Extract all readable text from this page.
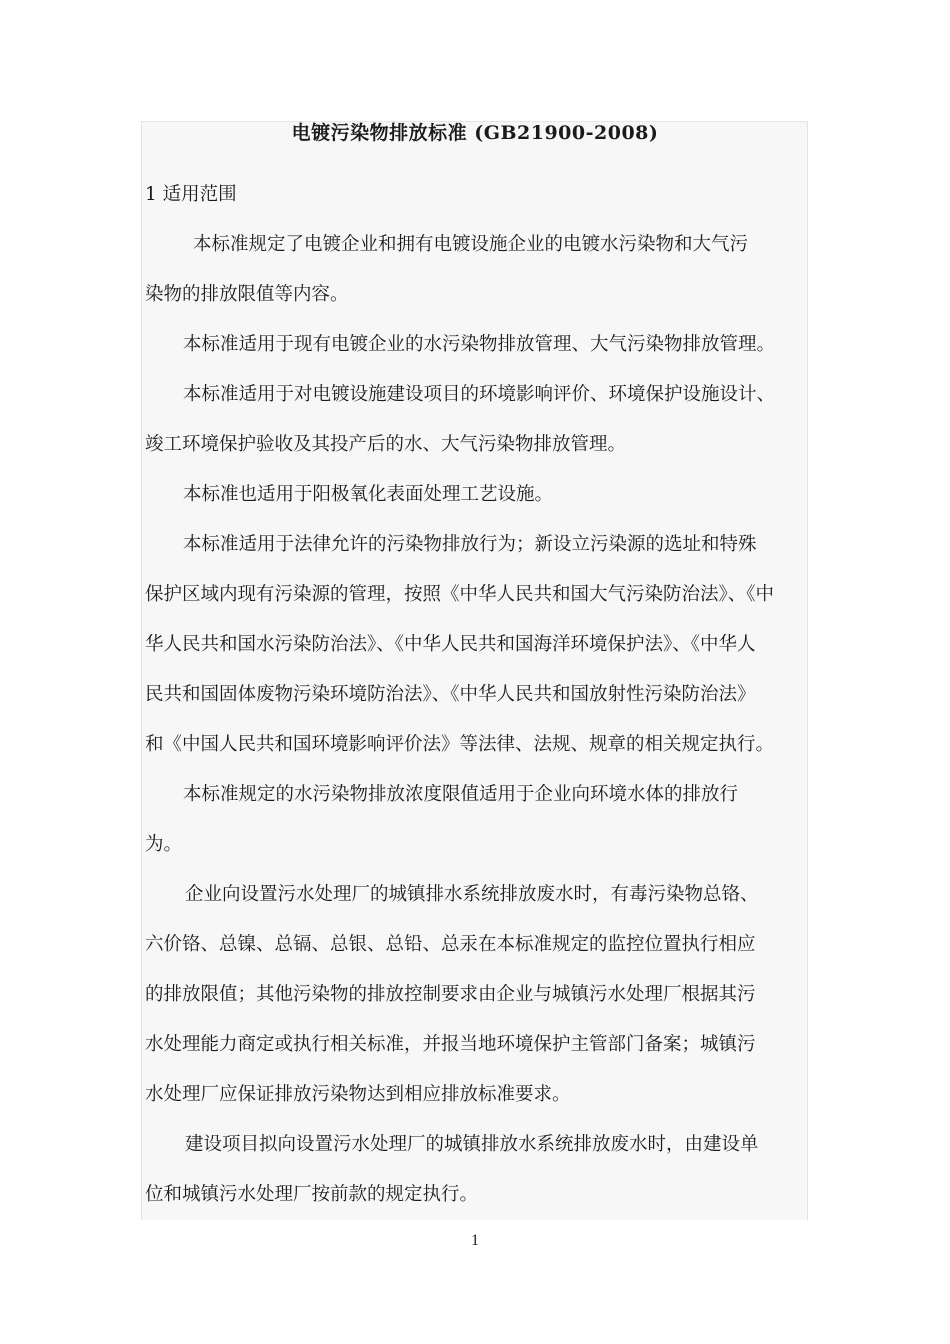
电镀污染物排放标准 (GB21900-2008)
1 适用范围
本标准规定了电镀企业和拥有电镀设施企业的电镀水污染物和大气污
染物的排放限值等内容。
本标准适用于现有电镀企业的水污染物排放管理、大气污染物排放管理。
本标准适用于对电镀设施建设项目的环境影响评价、环境保护设施设计、
竣工环境保护验收及其投产后的水、大气污染物排放管理。
本标准也适用于阳极氧化表面处理工艺设施。
本标准适用于法律允许的污染物排放行为；新设立污染源的选址和特殊
保护区域内现有污染源的管理，按照《中华人民共和国大气污染防治法》、《中
华人民共和国水污染防治法》、《中华人民共和国海洋环境保护法》、《中华人
民共和国固体废物污染环境防治法》、《中华人民共和国放射性污染防治法》
和《中国人民共和国环境影响评价法》等法律、法规、规章的相关规定执行。
本标准规定的水污染物排放浓度限值适用于企业向环境水体的排放行
为。
企业向设置污水处理厂的城镇排水系统排放废水时，有毒污染物总铬、
六价铬、总镍、总镉、总银、总铅、总汞在本标准规定的监控位置执行相应
的排放限值；其他污染物的排放控制要求由企业与城镇污水处理厂根据其污
水处理能力商定或执行相关标准，并报当地环境保护主管部门备案；城镇污
水处理厂应保证排放污染物达到相应排放标准要求。
建设项目拟向设置污水处理厂的城镇排放水系统排放废水时，由建设单
位和城镇污水处理厂按前款的规定执行。
1
